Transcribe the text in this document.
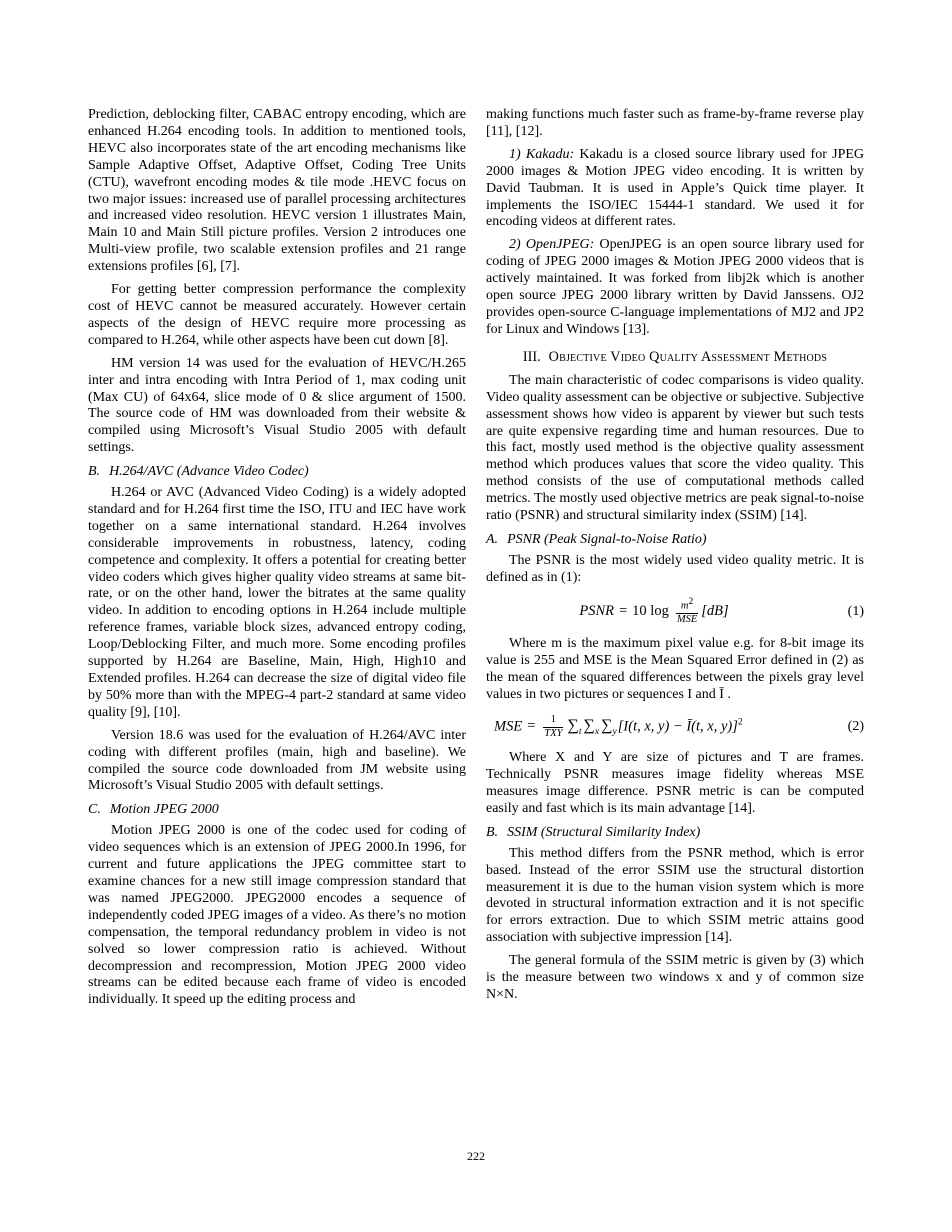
Prediction, deblocking filter, CABAC entropy encoding, which are enhanced H.264 encoding tools. In addition to mentioned tools, HEVC also incorporates state of the art encoding mechanisms like Sample Adaptive Offset, Adaptive Offset, Coding Tree Units (CTU), wavefront encoding modes & tile mode .HEVC focus on two major issues: increased use of parallel processing architectures and increased video resolution. HEVC version 1 illustrates Main, Main 10 and Main Still picture profiles. Version 2 introduces one Multi-view profile, two scalable extension profiles and 21 range extensions profiles [6], [7].

For getting better compression performance the complexity cost of HEVC cannot be measured accurately. However certain aspects of the design of HEVC require more processing as compared to H.264, while other aspects have been cut down [8].

HM version 14 was used for the evaluation of HEVC/H.265 inter and intra encoding with Intra Period of 1, max coding unit (Max CU) of 64x64, slice mode of 0 & slice argument of 1500. The source code of HM was downloaded from their website & compiled using Microsoft’s Visual Studio 2005 with default settings.

B. H.264/AVC (Advance Video Codec)

H.264 or AVC (Advanced Video Coding) is a widely adopted standard and for H.264 first time the ISO, ITU and IEC have work together on a same international standard. H.264 involves considerable improvements in robustness, latency, coding competence and complexity. It offers a potential for creating better video coders which gives higher quality video streams at same bit-rate, or on the other hand, lower the bitrates at the same quality video. In addition to encoding options in H.264 include multiple reference frames, variable block sizes, advanced entropy coding, Loop/Deblocking Filter, and much more. Some encoding profiles supported by H.264 are Baseline, Main, High, High10 and Extended profiles. H.264 can decrease the size of digital video file by 50% more than with the MPEG-4 part-2 standard at same video quality [9], [10].

Version 18.6 was used for the evaluation of H.264/AVC inter coding with different profiles (main, high and baseline). We compiled the source code downloaded from JM website using Microsoft’s Visual Studio 2005 with default settings.

C. Motion JPEG 2000

Motion JPEG 2000 is one of the codec used for coding of video sequences which is an extension of JPEG 2000.In 1996, for current and future applications the JPEG committee start to examine chances for a new still image compression standard that was named JPEG2000. JPEG2000 encodes a sequence of independently coded JPEG images of a video. As there’s no motion compensation, the temporal redundancy problem in video is not solved so lower compression ratio is achieved. Without decompression and recompression, Motion JPEG 2000 video streams can be edited because each frame of video is encoded individually. It speed up the editing process and

making functions much faster such as frame-by-frame reverse play [11], [12].

1) Kakadu: Kakadu is a closed source library used for JPEG 2000 images & Motion JPEG video encoding. It is written by David Taubman. It is used in Apple’s Quick time player. It implements the ISO/IEC 15444-1 standard. We used it for encoding videos at different rates.

2) OpenJPEG: OpenJPEG is an open source library used for coding of JPEG 2000 images & Motion JPEG 2000 videos that is actively maintained. It was forked from libj2k which is another open source JPEG 2000 library written by David Janssens. OJ2 provides open-source C-language implementations of MJ2 and JP2 for Linux and Windows [13].

III. Objective Video Quality Assessment Methods

The main characteristic of codec comparisons is video quality. Video quality assessment can be objective or subjective. Subjective assessment shows how video is apparent by viewer but such tests are quite expensive regarding time and human resources. Due to this fact, mostly used method is the objective quality assessment method which produces values that score the video quality. This method consists of the use of computational methods called metrics. The mostly used objective metrics are peak signal-to-noise ratio (PSNR) and structural similarity index (SSIM) [14].

A. PSNR (Peak Signal-to-Noise Ratio)

The PSNR is the most widely used video quality metric. It is defined as in (1):

PSNR = 10 $\log \frac{m^2}{\text{MSE}} [dB]$	(1)

Where m is the maximum pixel value e.g. for 8-bit image its value is 255 and MSE is the Mean Squared Error defined in (2) as the mean of the squared differences between the pixels gray level values in two pictures or sequences I and Ī .

MSE = $\frac{1}{\text{TXY}} \sum_t$ $\sum_x$ $\sum_y[I(t$, x, y) − Ī(t, x, y)]$^2$	(2)

Where X and Y are size of pictures and T are frames. Technically PSNR measures image fidelity whereas MSE measures image difference. PSNR metric is can be computed easily and fast which is its main advantage [14].

B. SSIM (Structural Similarity Index)

This method differs from the PSNR method, which is error based. Instead of the error SSIM use the structural distortion measurement it is due to the human vision system which is more devoted in structural information extraction and it is not specific for errors extraction. Due to which SSIM metric attains good association with subjective impression [14].

The general formula of the SSIM metric is given by (3) which is the measure between two windows x and y of common size N×N.

222
